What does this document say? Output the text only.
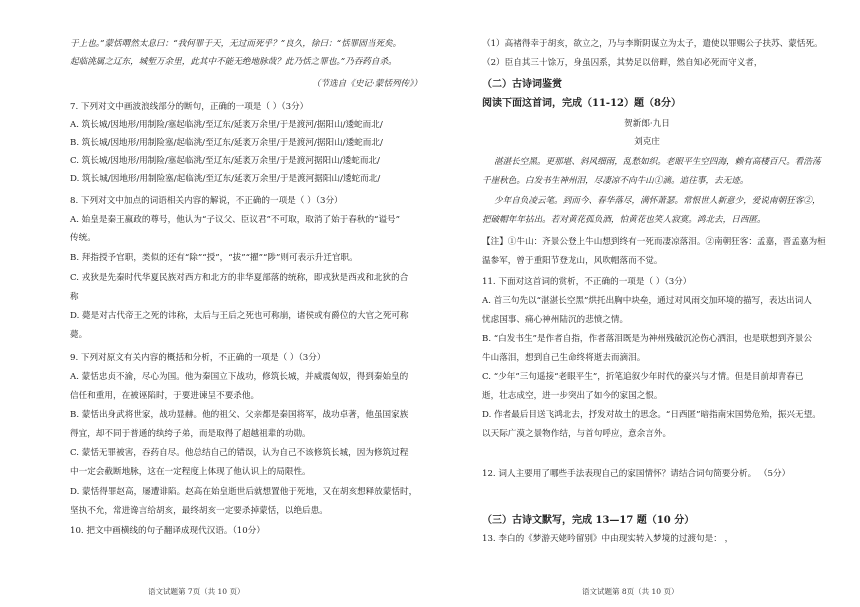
于上也。”蒙恬喟然太息曰：“我何罪于天，无过而死乎？”良久，徐曰：“恬罪固当死矣。

起临洮属之辽东，城堑万余里，此其中不能无绝地脉哉？此乃恬之罪也。”乃吞药自杀。

（节选自《史记·蒙恬列传》）

7. 下列对文中画波浪线部分的断句，正确的一项是（ ）（3分）

A. 筑长城/因地形/用制险/塞起临洮/至辽东/延袤万余里/于是渡河/据阳山/逶蛇而北/

B. 筑长城/因地形/用制险塞/起临洮/至辽东/延袤万余里/于是渡河/据阳山/逶蛇而北/

C. 筑长城/因地形/用制险/塞起临洮/至辽东/延袤万余里/于是渡河据阳山/逶蛇而北/

D. 筑长城/因地形/用制险塞/起临洮/至辽东/延袤万余里/于是渡河据阳山/逶蛇而北/

8. 下列对文中加点的词语相关内容的解说，不正确的一项是（ ）（3分）

A. 始皇是秦王嬴政的尊号，他认为“子议父、臣议君”不可取，取消了始于春秋的“谥号”

传统。

B. 拜指授予官职，类似的还有“除”“授”，“拔”“擢”“陟”则可表示升迁官职。

C. 戎狄是先秦时代华夏民族对西方和北方的非华夏部落的统称，即戎狄是西戎和北狄的合

称

D. 薨是对古代帝王之死的讳称，太后与王后之死也可称崩，诸侯或有爵位的大官之死可称

薨。

9. 下列对原文有关内容的概括和分析，不正确的一项是（ ）（3分）

A. 蒙恬忠贞不渝，尽心为国。他为秦国立下战功，修筑长城，并威震匈奴，得到秦始皇的

信任和重用，在被诬陷时，于要进谏呈不要杀他。

B. 蒙恬出身武将世家，战功显赫。他的祖父、父亲都是秦国将军，战功卓著，他虽国家族

得宜，却不同于普通的纨绔子弟，而是取得了超越祖辈的功勋。

C. 蒙恬无罪被害，吞药自尽。他总结自己的错误，认为自己不该修筑长城，因为修筑过程

中一定会截断地脉，这在一定程度上体现了他认识上的局限性。

D. 蒙恬得罪赵高，屡遭诽陷。赵高在始皇逝世后就想置他于死地，又在胡亥想释放蒙恬时，

坚执不允，常进谗言给胡亥，最终胡亥一定要杀掉蒙恬，以绝后患。

10. 把文中画横线的句子翻译成现代汉语。（10分）

语文试题第 7页（共 10 页）

（1）高褚得幸于胡亥，欲立之，乃与李斯阴谋立为太子，遣使以罪赐公子扶苏、蒙恬死。

（2）臣自其三十馀万，身虽囚系，其势足以倍畔，然自知必死而守义者，

（二）古诗词鉴赏

阅读下面这首词，完成（11-12）题（8分）

贺新郎·九日

刘克庄

湛湛长空黑。更那堪、斜风细雨，乱愁如织。老眼平生空四海，赖有高楼百尺。看浩荡

千崖秋色。白发书生神州泪，尽凄凉不向牛山①滴。追往事，去无迹。

少年自负凌云笔。到而今、春华落尽，满怀萧瑟。常恨世人新意少，爱说南朝狂客②，

把破帽年年拈出。若对黄花孤负酒，怕黄花也笑人寂寞。鸿北去，日西匿。

【注】①牛山：齐景公登上牛山想到终有一死而凄凉落泪。②南朝狂客：孟嘉，晋孟嘉为桓

温参军，曾于重阳节登龙山，风吹帽落而不觉。

11. 下面对这首词的赏析，不正确的一项是（ ）（3分）

A. 首三句先以“湛湛长空黑”烘托出胸中块垒，通过对风雨交加环境的描写，表达出词人

忧虑国事、痛心神州陆沉的悲愤之情。

B. “白发书生”是作者自指，作者落泪既是为神州残破沉沦伤心洒泪，也是联想到齐景公

牛山落泪，想到自己生命终将逝去而滴泪。

C. “少年”三句遥接“老眼平生”，折笔追叙少年时代的豪兴与才情。但是目前却青春已

逝，壮志成空，进一步突出了如今的家国之恨。

D. 作者最后目送飞鸿北去，抒发对故土的思念。“日西匿”暗指南宋国势危殆，振兴无望。

以天际广漠之景物作结，与首句呼应，意余言外。

12. 词人主要用了哪些手法表现自己的家国情怀？请结合词句简要分析。 （5分）

（三）古诗文默写，完成 13—17 题（10 分）

13. 李白的《梦游天姥吟留别》中由现实转入梦境的过渡句是： ，

语文试题第 8页（共 10 页）
